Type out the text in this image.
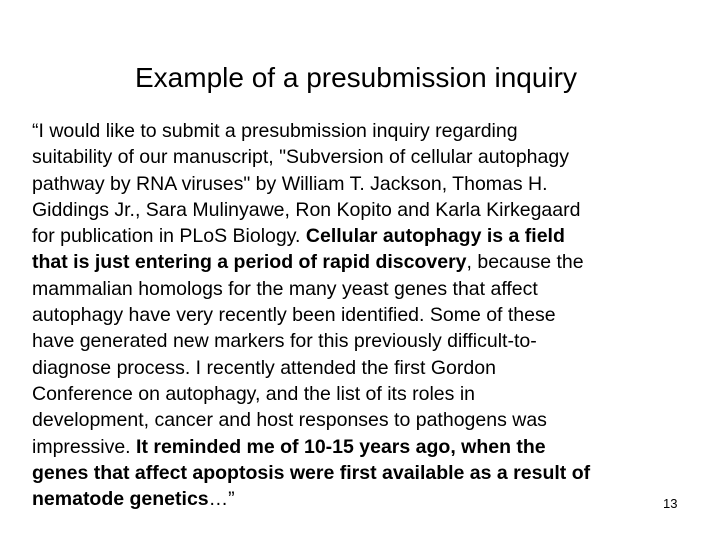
Example of a presubmission inquiry
“I would like to submit a presubmission inquiry regarding
suitability of our manuscript, "Subversion of cellular autophagy
pathway by RNA viruses" by William T. Jackson, Thomas H.
Giddings Jr., Sara Mulinyawe, Ron Kopito and Karla Kirkegaard
for publication in PLoS Biology. Cellular autophagy is a field
that is just entering a period of rapid discovery, because the
mammalian homologs for the many yeast genes that affect
autophagy have very recently been identified. Some of these
have generated new markers for this previously difficult-to-
diagnose process. I recently attended the first Gordon
Conference on autophagy, and the list of its roles in
development, cancer and host responses to pathogens was
impressive. It reminded me of 10-15 years ago, when the
genes that affect apoptosis were first available as a result of
nematode genetics…”	13
